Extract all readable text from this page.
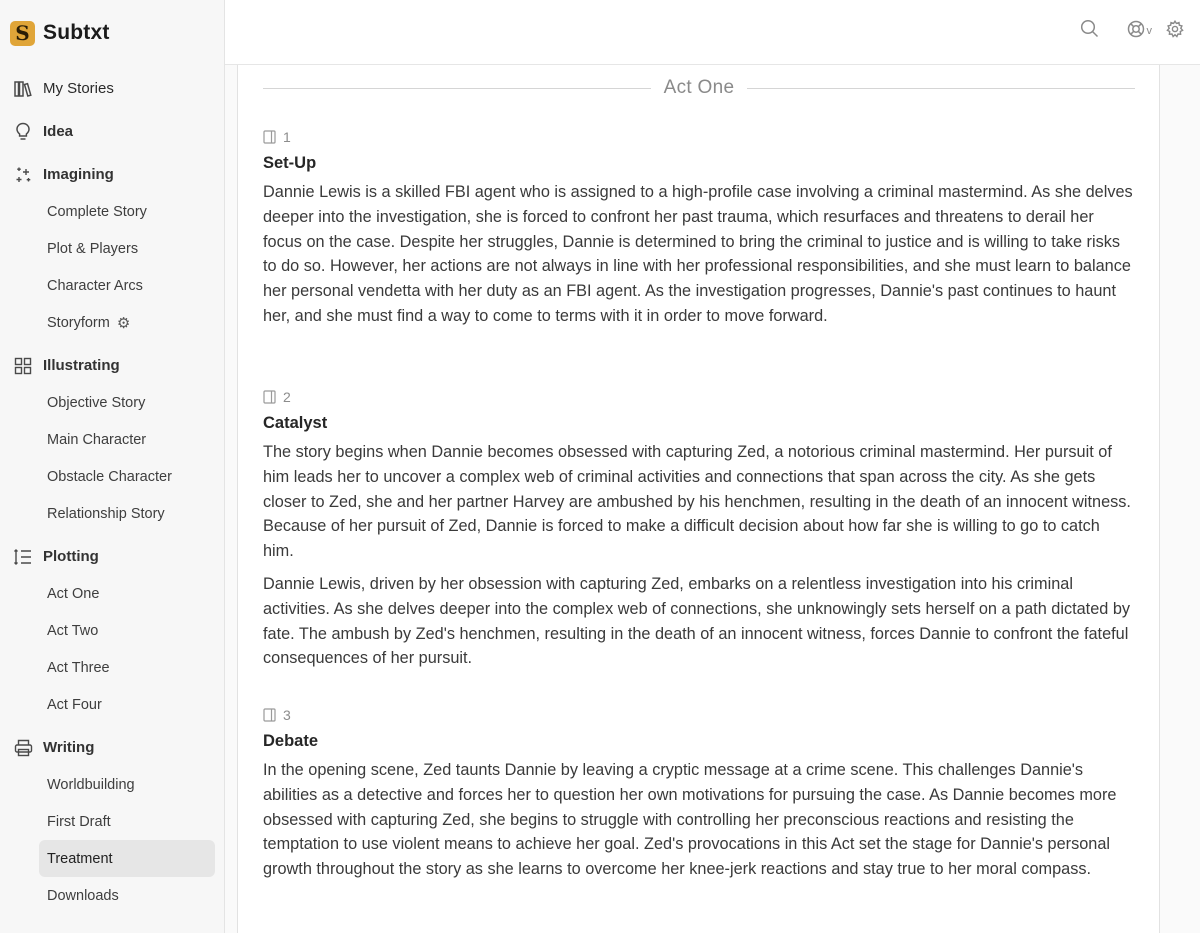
S Subtxt
My Stories
Idea
Imagining
Complete Story
Plot & Players
Character Arcs
Storyform ⚙
Illustrating
Objective Story
Main Character
Obstacle Character
Relationship Story
Plotting
Act One
Act Two
Act Three
Act Four
Writing
Worldbuilding
First Draft
Treatment
Downloads
v
Act One
1
Set-Up

Dannie Lewis is a skilled FBI agent who is assigned to a high-profile case involving a criminal mastermind. As she delves deeper into the investigation, she is forced to confront her past trauma, which resurfaces and threatens to derail her focus on the case. Despite her struggles, Dannie is determined to bring the criminal to justice and is willing to take risks to do so. However, her actions are not always in line with her professional responsibilities, and she must learn to balance her personal vendetta with her duty as an FBI agent. As the investigation progresses, Dannie's past continues to haunt her, and she must find a way to come to terms with it in order to move forward.

2
Catalyst

The story begins when Dannie becomes obsessed with capturing Zed, a notorious criminal mastermind. Her pursuit of him leads her to uncover a complex web of criminal activities and connections that span across the city. As she gets closer to Zed, she and her partner Harvey are ambushed by his henchmen, resulting in the death of an innocent witness. Because of her pursuit of Zed, Dannie is forced to make a difficult decision about how far she is willing to go to catch him.

Dannie Lewis, driven by her obsession with capturing Zed, embarks on a relentless investigation into his criminal activities. As she delves deeper into the complex web of connections, she unknowingly sets herself on a path dictated by fate. The ambush by Zed's henchmen, resulting in the death of an innocent witness, forces Dannie to confront the fateful consequences of her pursuit.

3
Debate

In the opening scene, Zed taunts Dannie by leaving a cryptic message at a crime scene. This challenges Dannie's abilities as a detective and forces her to question her own motivations for pursuing the case. As Dannie becomes more obsessed with capturing Zed, she begins to struggle with controlling her preconscious reactions and resisting the temptation to use violent means to achieve her goal. Zed's provocations in this Act set the stage for Dannie's personal growth throughout the story as she learns to overcome her knee-jerk reactions and stay true to her moral compass.
